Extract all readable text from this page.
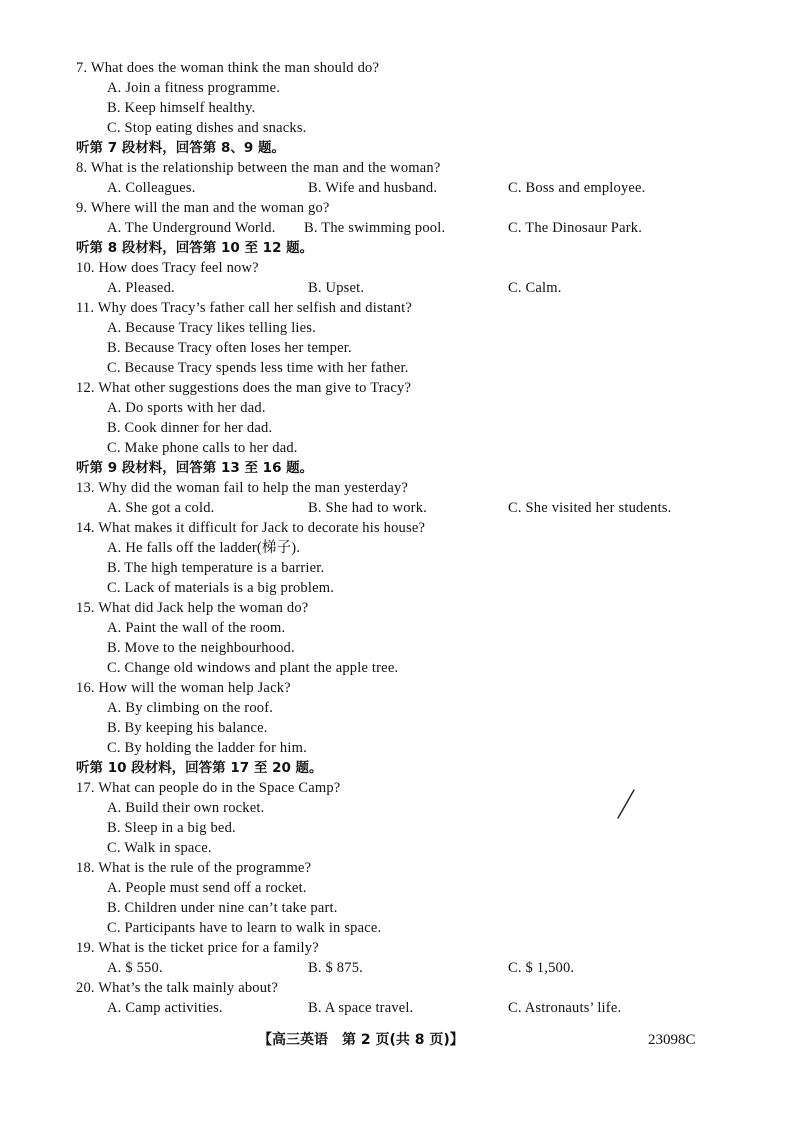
7. What does the woman think the man should do?
A. Join a fitness programme.
B. Keep himself healthy.
C. Stop eating dishes and snacks.
听第 7 段材料，回答第 8、9 题。
8. What is the relationship between the man and the woman?
A. Colleagues.	B. Wife and husband.	C. Boss and employee.
9. Where will the man and the woman go?
A. The Underground World. B. The swimming pool.	C. The Dinosaur Park.
听第 8 段材料，回答第 10 至 12 题。
10. How does Tracy feel now?
A. Pleased.	B. Upset.	C. Calm.
11. Why does Tracy’s father call her selfish and distant?
A. Because Tracy likes telling lies.
B. Because Tracy often loses her temper.
C. Because Tracy spends less time with her father.
12. What other suggestions does the man give to Tracy?
A. Do sports with her dad.
B. Cook dinner for her dad.
C. Make phone calls to her dad.
听第 9 段材料，回答第 13 至 16 题。
13. Why did the woman fail to help the man yesterday?
A. She got a cold.	B. She had to work.	C. She visited her students.
14. What makes it difficult for Jack to decorate his house?
A. He falls off the ladder(梯子).
B. The high temperature is a barrier.
C. Lack of materials is a big problem.
15. What did Jack help the woman do?
A. Paint the wall of the room.
B. Move to the neighbourhood.
C. Change old windows and plant the apple tree.
16. How will the woman help Jack?
A. By climbing on the roof.
B. By keeping his balance.
C. By holding the ladder for him.
听第 10 段材料，回答第 17 至 20 题。
17. What can people do in the Space Camp?
A. Build their own rocket.
B. Sleep in a big bed.
C. Walk in space.
18. What is the rule of the programme?
A. People must send off a rocket.
B. Children under nine can’t take part.
C. Participants have to learn to walk in space.
19. What is the ticket price for a family?
A. $ 550.	B. $ 875.	C. $ 1,500.
20. What’s the talk mainly about?
A. Camp activities.	B. A space travel.	C. Astronauts’ life.
【高三英语　第 2 页(共 8 页)】	23098C
